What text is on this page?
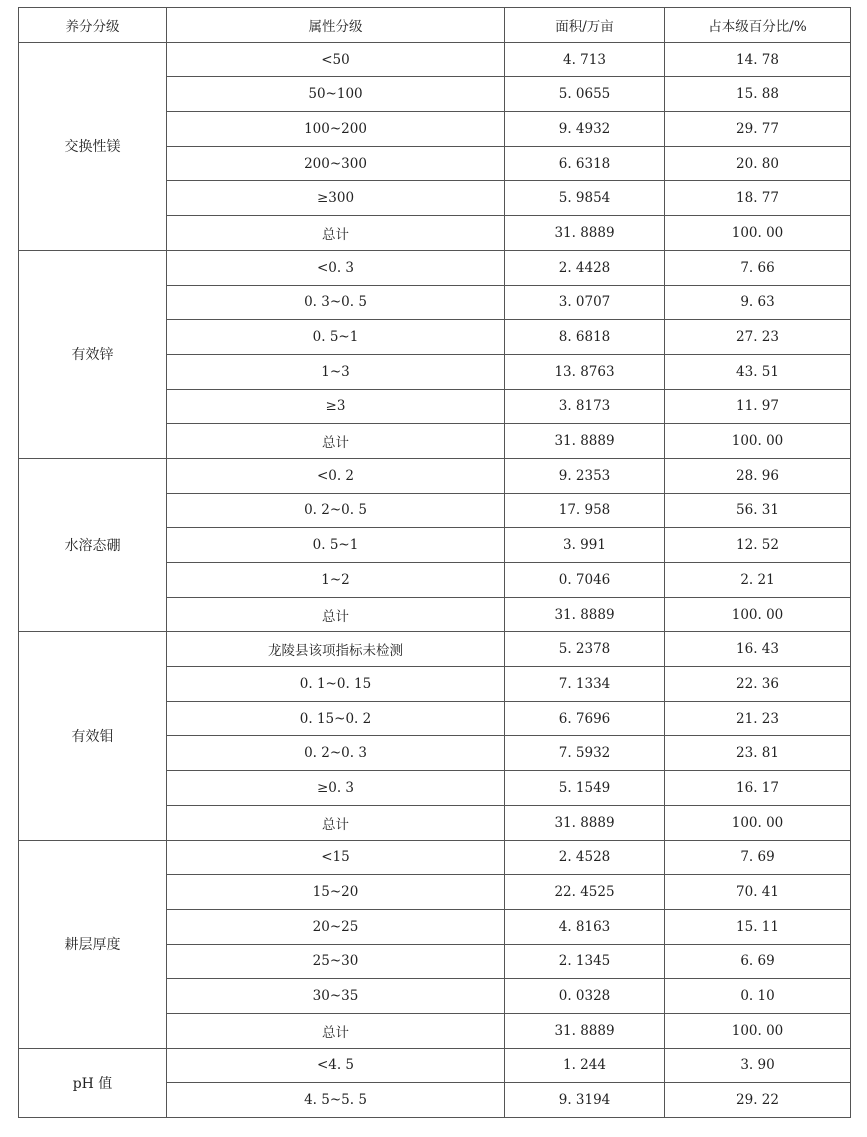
养分分级	属性分级	面积/万亩	占本级百分比/%
交换性镁	<50	4. 713	14. 78
	50~100	5. 0655	15. 88
	100~200	9. 4932	29. 77
	200~300	6. 6318	20. 80
	≥300	5. 9854	18. 77
	总计	31. 8889	100. 00
有效锌	<0. 3	2. 4428	7. 66
	0. 3~0. 5	3. 0707	9. 63
	0. 5~1	8. 6818	27. 23
	1~3	13. 8763	43. 51
	≥3	3. 8173	11. 97
	总计	31. 8889	100. 00
水溶态硼	<0. 2	9. 2353	28. 96
	0. 2~0. 5	17. 958	56. 31
	0. 5~1	3. 991	12. 52
	1~2	0. 7046	2. 21
	总计	31. 8889	100. 00
有效钼	龙陵县该项指标未检测	5. 2378	16. 43
	0. 1~0. 15	7. 1334	22. 36
	0. 15~0. 2	6. 7696	21. 23
	0. 2~0. 3	7. 5932	23. 81
	≥0. 3	5. 1549	16. 17
	总计	31. 8889	100. 00
耕层厚度	<15	2. 4528	7. 69
	15~20	22. 4525	70. 41
	20~25	4. 8163	15. 11
	25~30	2. 1345	6. 69
	30~35	0. 0328	0. 10
	总计	31. 8889	100. 00
pH 值	<4. 5	1. 244	3. 90
	4. 5~5. 5	9. 3194	29. 22
